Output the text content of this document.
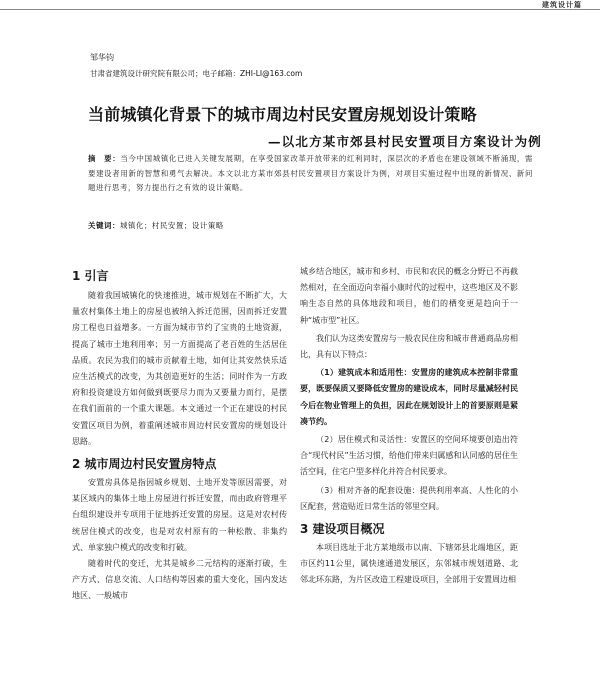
建筑设计篇
邹华钧
甘肃省建筑设计研究院有限公司；电子邮箱：ZHI-LI@163.com
当前城镇化背景下的城市周边村民安置房规划设计策略
—以北方某市郊县村民安置项目方案设计为例
摘　要：当今中国城镇化已进入关键发展期，在享受国家改革开放带来的红利同时，深层次的矛盾也在建设领域不断涌现，需要建设者用新的智慧和勇气去解决。本文以北方某市郊县村民安置项目方案设计为例，对项目实施过程中出现的新情况、新问题进行思考，努力提出行之有效的设计策略。
关键词：城镇化；村民安置；设计策略
1 引言

随着我国城镇化的快速推进，城市规划在不断扩大，大量农村集体土地上的房屋也被纳入拆迁范围，因而拆迁安置房工程也日益增多。一方面为城市节约了宝贵的土地资源，提高了城市土地利用率；另一方面提高了老百姓的生活居住品质。农民为我们的城市贡献着土地，如何让其安然快乐适应生活模式的改变，为其创造更好的生活；同时作为一方政府和投资建设方如何做到既要尽力而为又要量力而行，是摆在我们面前的一个重大课题。本文通过一个正在建设的村民安置区项目为例，着重阐述城市周边村民安置房的规划设计思路。

2 城市周边村民安置房特点

安置房具体是指因城乡规划、土地开发等原因需要，对某区域内的集体土地上房屋进行拆迁安置，而由政府管理平台组织建设并专项用于征地拆迁安置的房屋。这是对农村传统居住模式的改变，也是对农村原有的一种松散、非集约式、单家独户模式的改变和打破。

随着时代的变迁，尤其是城乡二元结构的逐渐打破，生产方式、信息交流、人口结构等因素的重大变化，国内发达地区、一般城市

城乡结合地区，城市和乡村、市民和农民的概念分野已不再截然相对，在全面迈向幸福小康时代的过程中，这些地区及不影响生态自然的具体地段和项目，他们的栖变更是趋向于一种“城市型”社区。

我们认为这类安置房与一般农民住房和城市普通商品房相比，具有以下特点：

（1）建筑成本和适用性：安置房的建筑成本控制非常重要，既要保质又要降低安置房的建设成本，同时尽量减轻村民今后在物业管理上的负担，因此在规划设计上的首要原则是紧凑节约。

（2）居住模式和灵活性：安置区的空间环境要创造出符合“现代村民”生活习惯，给他们带来归属感和认同感的居住生活空间，住宅户型多样化并符合村民要求。

（3）相对齐备的配套设施：提供利用率高、人性化的小区配套，营造贴近日常生活的邻里空间。

3 建设项目概况

本项目选址于北方某地级市以南、下辖郊县北端地区，距市区约11公里，属快速通道发展区，东邻城市规划道路、北邻北环东路，为片区改造工程建设项目，全部用于安置周边相
